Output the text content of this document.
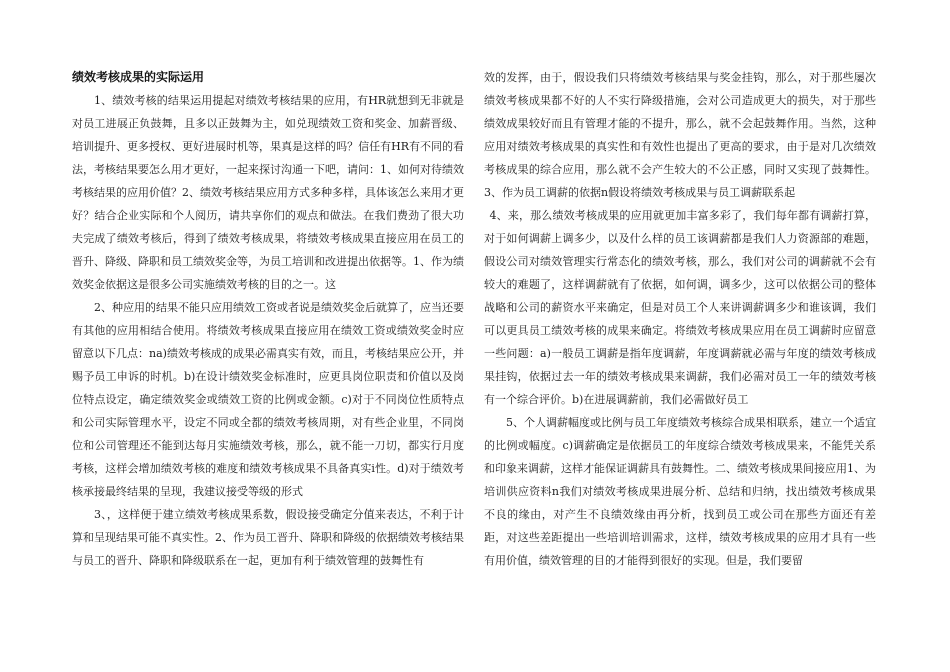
绩效考核成果的实际运用

1、绩效考核的结果运用提起对绩效考核结果的应用，有HR就想到无非就是对员工进展正负鼓舞，且多以正鼓舞为主，如兑现绩效工资和奖金、加薪晋级、培训提升、更多授权、更好进展时机等，果真是这样的吗？信任有HR有不同的看法，考核结果要怎么用才更好，一起来探讨沟通一下吧，请问：1、如何对待绩效考核结果的应用价值？2、绩效考核结果应用方式多种多样，具体该怎么来用才更好？结合企业实际和个人阅历，请共享你们的观点和做法。在我们费劲了很大功夫完成了绩效考核后，得到了绩效考核成果，将绩效考核成果直接应用在员工的晋升、降级、降职和员工绩效奖金等，为员工培训和改进提出依据等。1、作为绩效奖金依据这是很多公司实施绩效考核的目的之一。这

2、种应用的结果不能只应用绩效工资或者说是绩效奖金后就算了，应当还要有其他的应用相结合使用。将绩效考核成果直接应用在绩效工资或绩效奖金时应留意以下几点：na)绩效考核成的成果必需真实有效，而且，考核结果应公开，并赐予员工申诉的时机。b)在设计绩效奖金标准时，应更具岗位职责和价值以及岗位特点设定，确定绩效奖金或绩效工资的比例或金额。c)对于不同岗位性质特点和公司实际管理水平，设定不同或全都的绩效考核周期，对有些企业里，不同岗位和公司管理还不能到达每月实施绩效考核，那么，就不能一刀切，都实行月度考核，这样会增加绩效考核的难度和绩效考核成果不具备真实i性。d)对于绩效考核承接最终结果的呈现，我建议接受等级的形式

3、，这样便于建立绩效考核成果系数，假设接受确定分值来表达，不利于计算和呈现结果可能不真实性。2、作为员工晋升、降职和降级的依据绩效考核结果与员工的晋升、降职和降级联系在一起，更加有利于绩效管理的鼓舞性有

效的发挥，由于，假设我们只将绩效考核结果与奖金挂钩，那么，对于那些屡次绩效考核成果都不好的人不实行降级措施，会对公司造成更大的损失，对于那些绩效成果较好而且有管理才能的不提升，那么，就不会起鼓舞作用。当然，这种应用对绩效考核成果的真实性和有效性也提出了更高的要求，由于是对几次绩效考核成果的综合应用，那么就不会产生较大的不公正感，同时又实现了鼓舞性。3、作为员工调薪的依据n假设将绩效考核成果与员工调薪联系起

4、来，那么绩效考核成果的应用就更加丰富多彩了，我们每年都有调薪打算，对于如何调薪上调多少，以及什么样的员工该调薪都是我们人力资源部的难题，假设公司对绩效管理实行常态化的绩效考核，那么，我们对公司的调薪就不会有较大的难题了，这样调薪就有了依据，如何调，调多少，这可以依据公司的整体战略和公司的薪资水平来确定，但是对员工个人来讲调薪调多少和谁该调，我们可以更具员工绩效考核的成果来确定。将绩效考核成果应用在员工调薪时应留意一些问题：a)一般员工调薪是指年度调薪，年度调薪就必需与年度的绩效考核成果挂钩，依据过去一年的绩效考核成果来调薪，我们必需对员工一年的绩效考核有一个综合评价。b)在进展调薪前，我们必需做好员工

5、个人调薪幅度或比例与员工年度绩效考核综合成果相联系，建立一个适宜的比例或幅度。c)调薪确定是依据员工的年度综合绩效考核成果来，不能凭关系和印象来调薪，这样才能保证调薪具有鼓舞性。二、绩效考核成果间接应用1、为培训供应资料n我们对绩效考核成果进展分析、总结和归纳，找出绩效考核成果不良的缘由，对产生不良绩效缘由再分析，找到员工或公司在那些方面还有差距，对这些差距提出一些培训培训需求，这样，绩效考核成果的应用才具有一些有用价值，绩效管理的目的才能得到很好的实现。但是，我们要留
